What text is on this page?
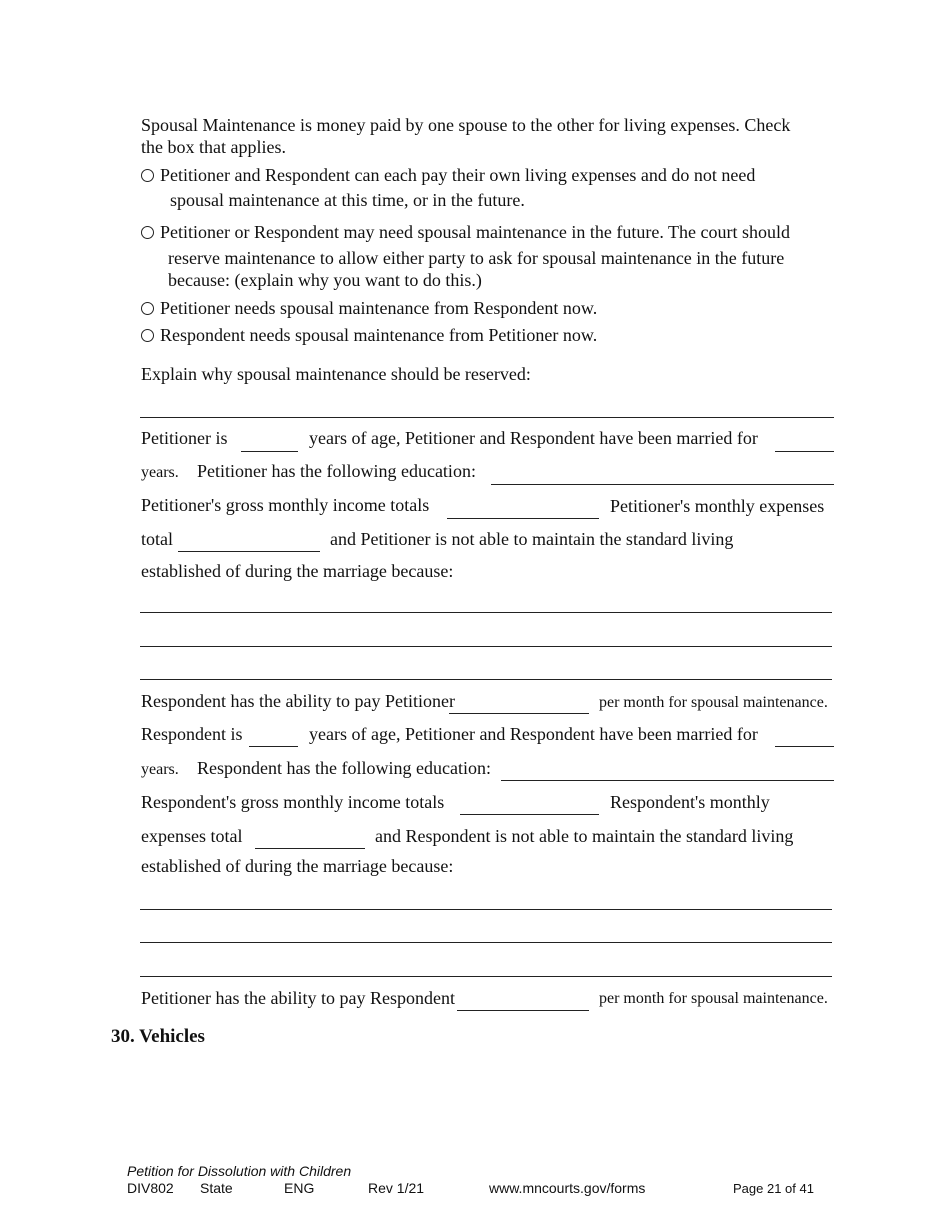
Spousal Maintenance is money paid by one spouse to the other for living expenses. Check
the box that applies.
Petitioner and Respondent can each pay their own living expenses and do not need
spousal maintenance at this time, or in the future.
Petitioner or Respondent may need spousal maintenance in the future. The court should
reserve maintenance to allow either party to ask for spousal maintenance in the future
because: (explain why you want to do this.)
Petitioner needs spousal maintenance from Respondent now.
Respondent needs spousal maintenance from Petitioner now.
Explain why spousal maintenance should be reserved:
Petitioner is	years of age, Petitioner and Respondent have been married for
years. Petitioner has the following education:
Petitioner's gross monthly income totals	Petitioner's monthly expenses
total	and Petitioner is not able to maintain the standard living
established of during the marriage because:
Respondent has the ability to pay Petitioner	per month for spousal maintenance.
Respondent is	years of age, Petitioner and Respondent have been married for
years. Respondent has the following education:
Respondent's gross monthly income totals	Respondent's monthly
expenses total	and Respondent is not able to maintain the standard living
established of during the marriage because:
Petitioner has the ability to pay Respondent	per month for spousal maintenance.
30. Vehicles
Petition for Dissolution with Children
DIV802 State	ENG	Rev 1/21	www.mncourts.gov/forms	Page 21 of 41
